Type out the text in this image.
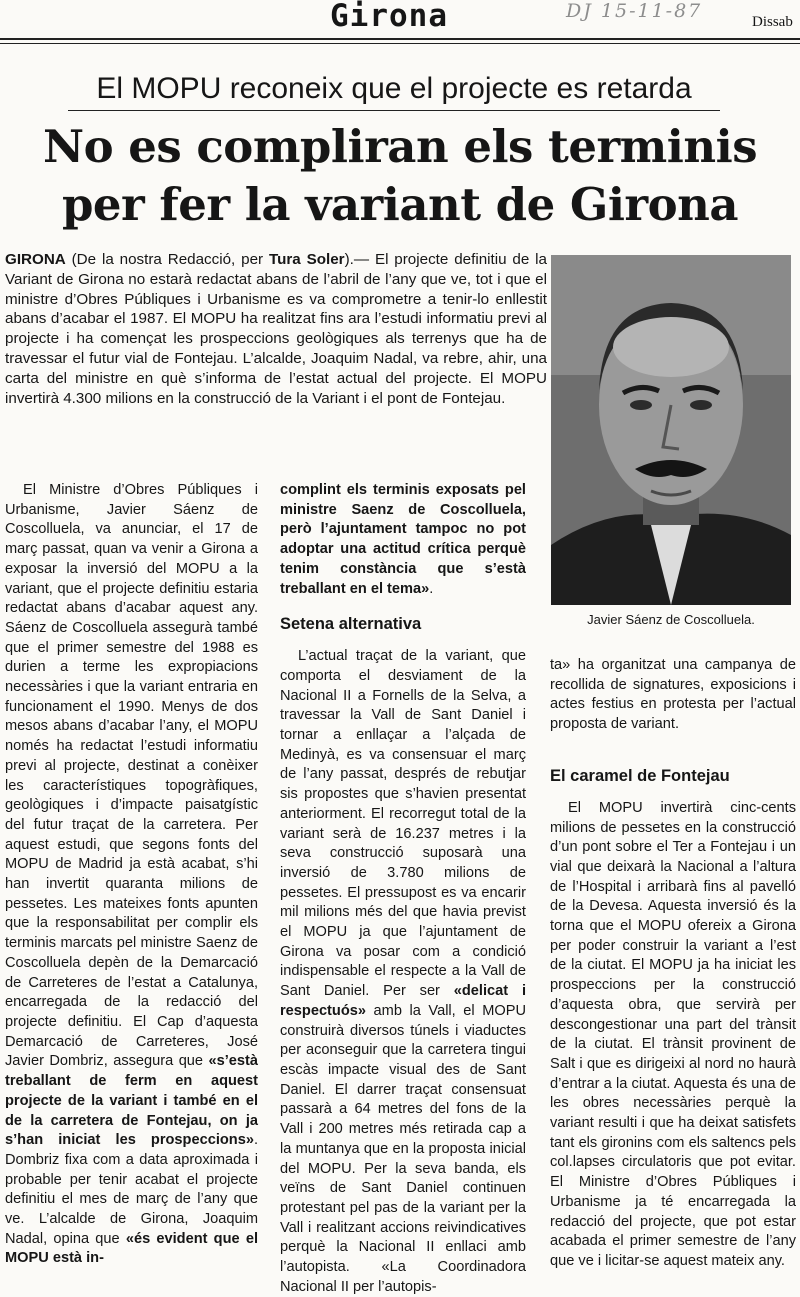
Girona	DJ 15-11-87	Dissab
El MOPU reconeix que el projecte es retarda
No es compliran els terminis
per fer la variant de Girona
GIRONA (De la nostra Redacció, per Tura Soler).— El projecte definitiu de la Variant de Girona no estarà redactat abans de l’abril de l’any que ve, tot i que el ministre d’Obres Públiques i Urbanisme es va comprometre a tenir-lo enllestit abans d’acabar el 1987. El MOPU ha realitzat fins ara l’estudi informatiu previ al projecte i ha començat les prospeccions geològiques als terrenys que ha de travessar el futur vial de Fontejau. L’alcalde, Joaquim Nadal, va rebre, ahir, una carta del ministre en què s’informa de l’estat actual del projecte. El MOPU invertirà 4.300 milions en la construcció de la Variant i el pont de Fontejau.
Javier Sáenz de Coscolluela.

El Ministre d’Obres Públiques i Urbanisme, Javier Sáenz de Coscolluela, va anunciar, el 17 de març passat, quan va venir a Girona a exposar la inversió del MOPU a la variant, que el projecte definitiu estaria redactat abans d’acabar aquest any. Sáenz de Coscolluela assegurà també que el primer semestre del 1988 es durien a terme les expropiacions necessàries i que la variant entraria en funcionament el 1990. Menys de dos mesos abans d’acabar l’any, el MOPU només ha redactat l’estudi informatiu previ al projecte, destinat a conèixer les característiques topogràfiques, geològiques i d’impacte paisatgístic del futur traçat de la carretera. Per aquest estudi, que segons fonts del MOPU de Madrid ja està acabat, s’hi han invertit quaranta milions de pessetes. Les mateixes fonts apunten que la responsabilitat per complir els terminis marcats pel ministre Saenz de Coscolluela depèn de la Demarcació de Carreteres de l’estat a Catalunya, encarregada de la redacció del projecte definitiu. El Cap d’aquesta Demarcació de Carreteres, José Javier Dombriz, assegura que «s’està treballant de ferm en aquest projecte de la variant i també en el de la carretera de Fontejau, on ja s’han iniciat les prospeccions». Dombriz fixa com a data aproximada i probable per tenir acabat el projecte definitiu el mes de març de l’any que ve. L’alcalde de Girona, Joaquim Nadal, opina que «és evident que el MOPU està in-

complint els terminis exposats pel ministre Saenz de Coscolluela, però l’ajuntament tampoc no pot adoptar una actitud crítica perquè tenim constància que s’està treballant en el tema».

Setena alternativa

L’actual traçat de la variant, que comporta el desviament de la Nacional II a Fornells de la Selva, a travessar la Vall de Sant Daniel i tornar a enllaçar a l’alçada de Medinyà, es va consensuar el març de l’any passat, després de rebutjar sis propostes que s’havien presentat anteriorment. El recorregut total de la variant serà de 16.237 metres i la seva construcció suposarà una inversió de 3.780 milions de pessetes. El pressupost es va encarir mil milions més del que havia previst el MOPU ja que l’ajuntament de Girona va posar com a condició indispensable el respecte a la Vall de Sant Daniel. Per ser «delicat i respectuós» amb la Vall, el MOPU construirà diversos túnels i viaductes per aconseguir que la carretera tingui escàs impacte visual des de Sant Daniel. El darrer traçat consensuat passarà a 64 metres del fons de la Vall i 200 metres més retirada cap a la muntanya que en la proposta inicial del MOPU. Per la seva banda, els veïns de Sant Daniel continuen protestant pel pas de la variant per la Vall i realitzant accions reivindicatives perquè la Nacional II enllaci amb l’autopista. «La Coordinadora Nacional II per l’autopis-

ta» ha organitzat una campanya de recollida de signatures, exposicions i actes festius en protesta per l’actual proposta de variant.

El caramel de Fontejau

El MOPU invertirà cinc-cents milions de pessetes en la construcció d’un pont sobre el Ter a Fontejau i un vial que deixarà la Nacional a l’altura de l’Hospital i arribarà fins al pavelló de la Devesa. Aquesta inversió és la torna que el MOPU ofereix a Girona per poder construir la variant a l’est de la ciutat. El MOPU ja ha iniciat les prospeccions per la construcció d’aquesta obra, que servirà per descongestionar una part del trànsit de la ciutat. El trànsit provinent de Salt i que es dirigeixi al nord no haurà d’entrar a la ciutat. Aquesta és una de les obres necessàries perquè la variant resulti i que ha deixat satisfets tant els gironins com els saltencs pels col.lapses circulatoris que pot evitar. El Ministre d’Obres Públiques i Urbanisme ja té encarregada la redacció del projecte, que pot estar acabada el primer semestre de l’any que ve i licitar-se aquest mateix any.
